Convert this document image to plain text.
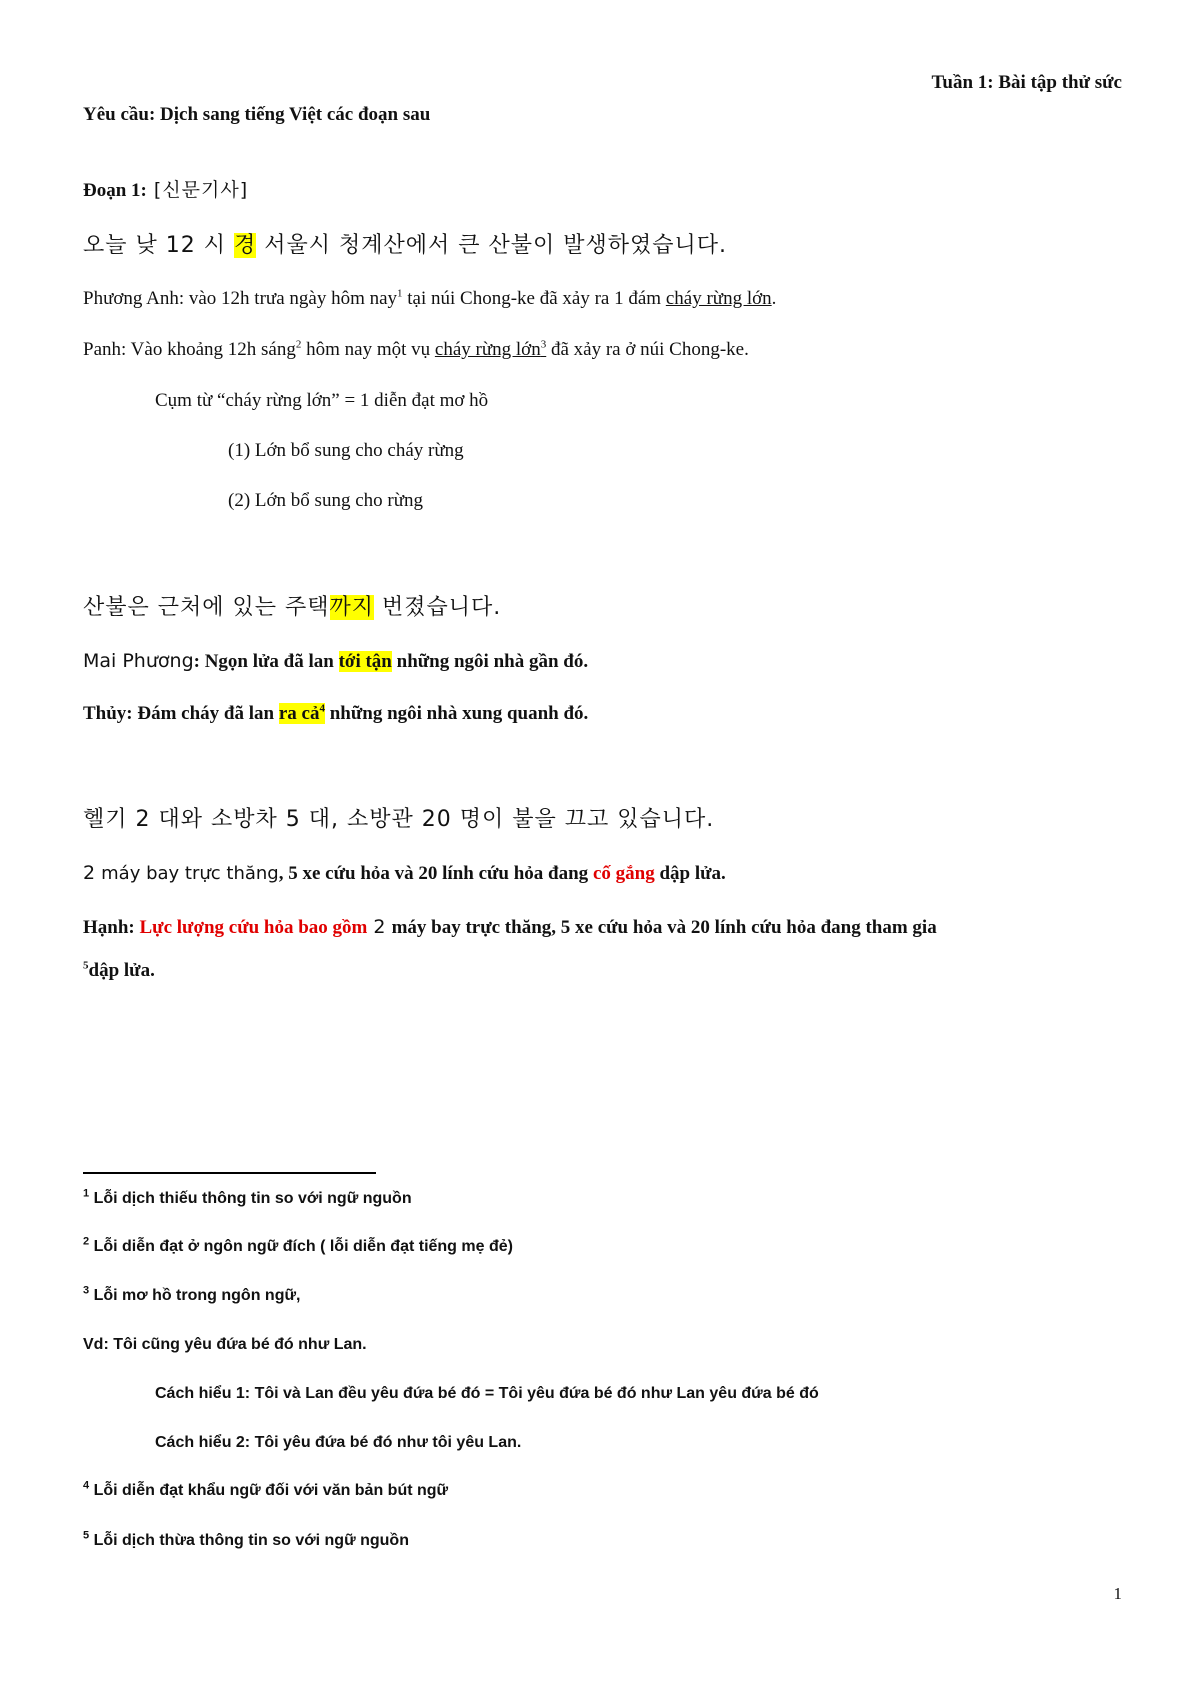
Tuần 1: Bài tập thử sức
Yêu cầu: Dịch sang tiếng Việt các đoạn sau
Đoạn 1: [신문기사]
오늘 낮 12 시 경 서울시 청계산에서 큰 산불이 발생하였습니다.
Phương Anh: vào 12h trưa ngày hôm nay$^1$ tại núi Chong-ke đã xảy ra 1 đám cháy rừng lớn.
Panh: Vào khoảng 12h sáng$^2$ hôm nay một vụ cháy rừng lớn$^3$ đã xảy ra ở núi Chong-ke.
Cụm từ “cháy rừng lớn” = 1 diễn đạt mơ hồ
(1) Lớn bổ sung cho cháy rừng
(2) Lớn bổ sung cho rừng
산불은 근처에 있는 주택까지 번졌습니다.
Mai Phương: Ngọn lửa đã lan tới tận những ngôi nhà gần đó.
Thủy: Đám cháy đã lan ra cả$^4$ những ngôi nhà xung quanh đó.
헬기 2 대와 소방차 5 대, 소방관 20 명이 불을 끄고 있습니다.
2 máy bay trực thăng, 5 xe cứu hỏa và 20 lính cứu hỏa đang cố gắng dập lửa.
Hạnh: Lực lượng cứu hỏa bao gồm 2 máy bay trực thăng, 5 xe cứu hỏa và 20 lính cứu hỏa đang tham gia
$^5$dập lửa.
$^1$ Lỗi dịch thiếu thông tin so với ngữ nguồn
$^2$ Lỗi diễn đạt ở ngôn ngữ đích ( lỗi diễn đạt tiếng mẹ đẻ)
$^3$ Lỗi mơ hồ trong ngôn ngữ,
Vd: Tôi cũng yêu đứa bé đó như Lan.
Cách hiểu 1: Tôi và Lan đều yêu đứa bé đó = Tôi yêu đứa bé đó như Lan yêu đứa bé đó
Cách hiểu 2: Tôi yêu đứa bé đó như tôi yêu Lan.
$^4$ Lỗi diễn đạt khẩu ngữ đối với văn bản bút ngữ
$^5$ Lỗi dịch thừa thông tin so với ngữ nguồn
1
